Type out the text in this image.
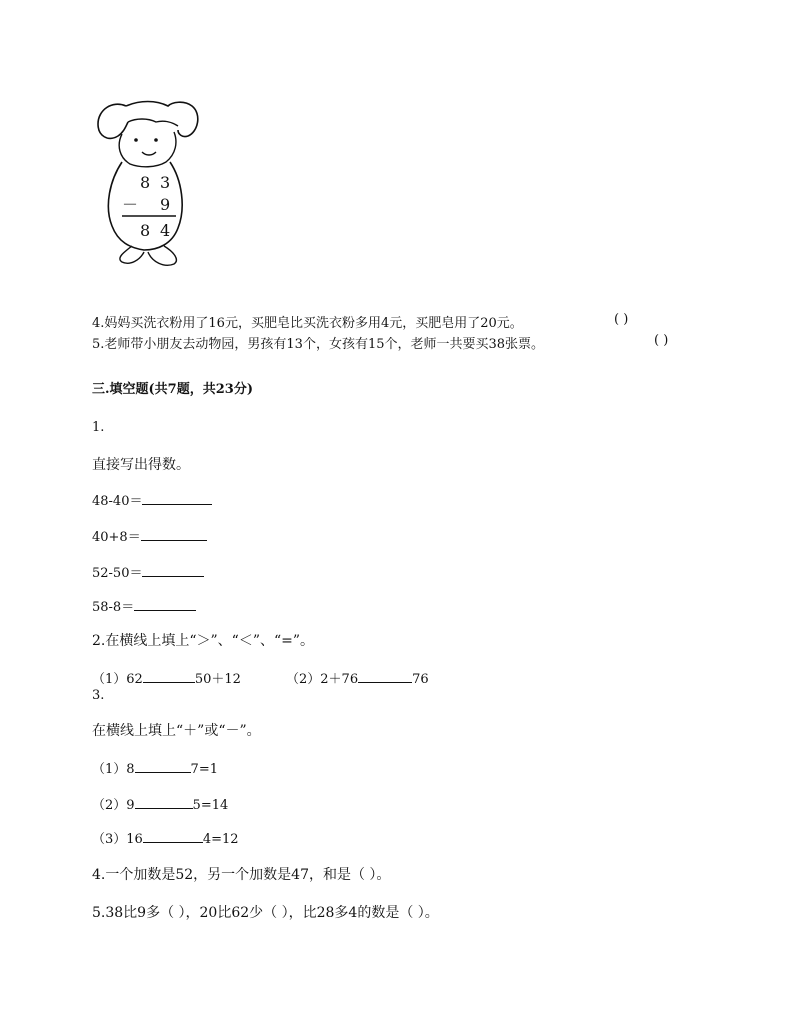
8 3
－ 9
8 4
4.妈妈买洗衣粉用了16元，买肥皂比买洗衣粉多用4元，买肥皂用了20元。	( )
5.老师带小朋友去动物园，男孩有13个，女孩有15个，老师一共要买38张票。	( )
三.填空题(共7题，共23分)
1.
直接写出得数。
48-40＝
40+8＝
52-50＝
58-8＝
2.在横线上填上“＞”、“＜”、“=”。
（1）62	50＋12	（2）2＋76	76
3.
在横线上填上“＋”或“－”。
（1）8	7=1
（2）9	5=14
（3）16	4=12
4.一个加数是52，另一个加数是47，和是（ ）。
5.38比9多（ ），20比62少（ ），比28多4的数是（ ）。
